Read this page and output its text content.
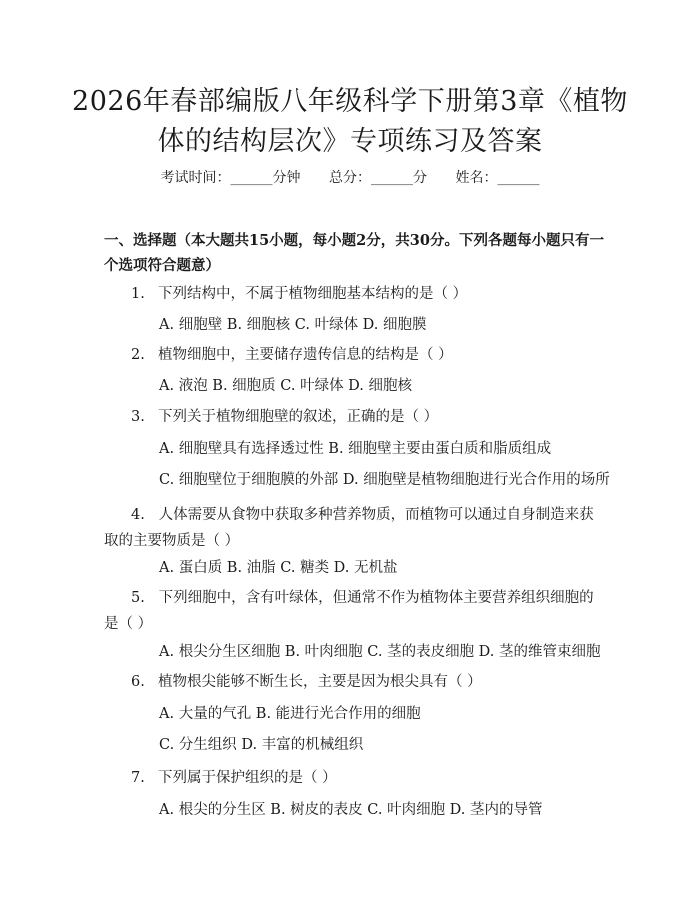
2026年春部编版八年级科学下册第3章《植物体的结构层次》专项练习及答案
考试时间：______分钟 总分：______分 姓名：______

一、选择题（本大题共15小题，每小题2分，共30分。下列各题每小题只有一个选项符合题意）

1. 下列结构中，不属于植物细胞基本结构的是（ ）
A. 细胞壁 B. 细胞核 C. 叶绿体 D. 细胞膜
2. 植物细胞中，主要储存遗传信息的结构是（ ）
A. 液泡 B. 细胞质 C. 叶绿体 D. 细胞核
3. 下列关于植物细胞壁的叙述，正确的是（ ）
A. 细胞壁具有选择透过性 B. 细胞壁主要由蛋白质和脂质组成
C. 细胞壁位于细胞膜的外部 D. 细胞壁是植物细胞进行光合作用的场所
4. 人体需要从食物中获取多种营养物质，而植物可以通过自身制造来获取的主要物质是（ ）
A. 蛋白质 B. 油脂 C. 糖类 D. 无机盐
5. 下列细胞中，含有叶绿体，但通常不作为植物体主要营养组织细胞的是（ ）
A. 根尖分生区细胞 B. 叶肉细胞 C. 茎的表皮细胞 D. 茎的维管束细胞
6. 植物根尖能够不断生长，主要是因为根尖具有（ ）
A. 大量的气孔 B. 能进行光合作用的细胞
C. 分生组织 D. 丰富的机械组织
7. 下列属于保护组织的是（ ）
A. 根尖的分生区 B. 树皮的表皮 C. 叶肉细胞 D. 茎内的导管
